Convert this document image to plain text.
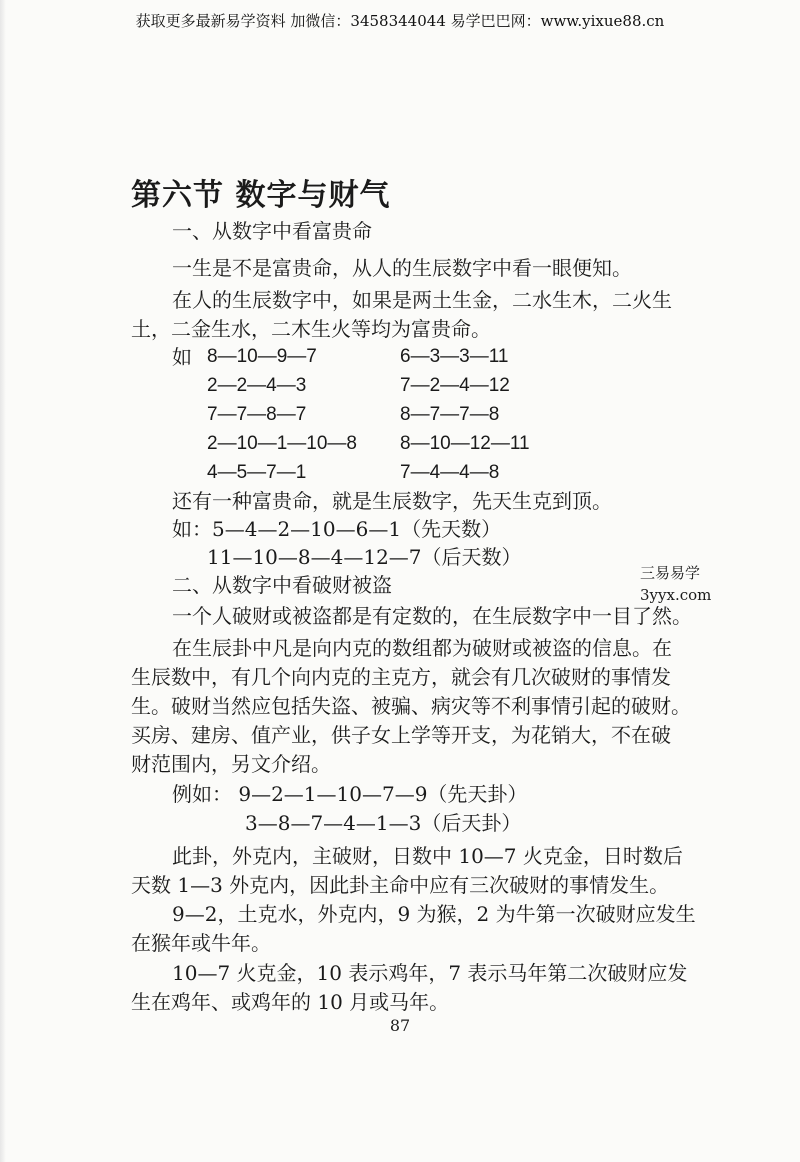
获取更多最新易学资料 加微信：3458344044 易学巴巴网：www.yixue88.cn
第六节 数字与财气
一、从数字中看富贵命
一生是不是富贵命，从人的生辰数字中看一眼便知。
在人的生辰数字中，如果是两土生金，二水生木，二火生
土，二金生水，二木生火等均为富贵命。
如 8—10—9—7
2—2—4—3
7—7—8—7
2—10—1—10—8
4—5—7—1
6—3—3—11
7—2—4—12
8—7—7—8
8—10—12—11
7—4—4—8
还有一种富贵命，就是生辰数字，先天生克到顶。
如：5—4—2—10—6—1（先天数）
11—10—8—4—12—7（后天数）
二、从数字中看破财被盗	三易易学
3yyx.com
一个人破财或被盗都是有定数的，在生辰数字中一目了然。
在生辰卦中凡是向内克的数组都为破财或被盗的信息。在
生辰数中，有几个向内克的主克方，就会有几次破财的事情发
生。破财当然应包括失盗、被骗、病灾等不利事情引起的破财。
买房、建房、值产业，供子女上学等开支，为花销大，不在破
财范围内，另文介绍。
例如： 9—2—1—10—7—9（先天卦）
3—8—7—4—1—3（后天卦）
此卦，外克内，主破财，日数中 10—7 火克金，日时数后
天数 1—3 外克内，因此卦主命中应有三次破财的事情发生。
9—2，土克水，外克内，9 为猴，2 为牛第一次破财应发生
在猴年或牛年。
10—7 火克金，10 表示鸡年，7 表示马年第二次破财应发
生在鸡年、或鸡年的 10 月或马年。
87
